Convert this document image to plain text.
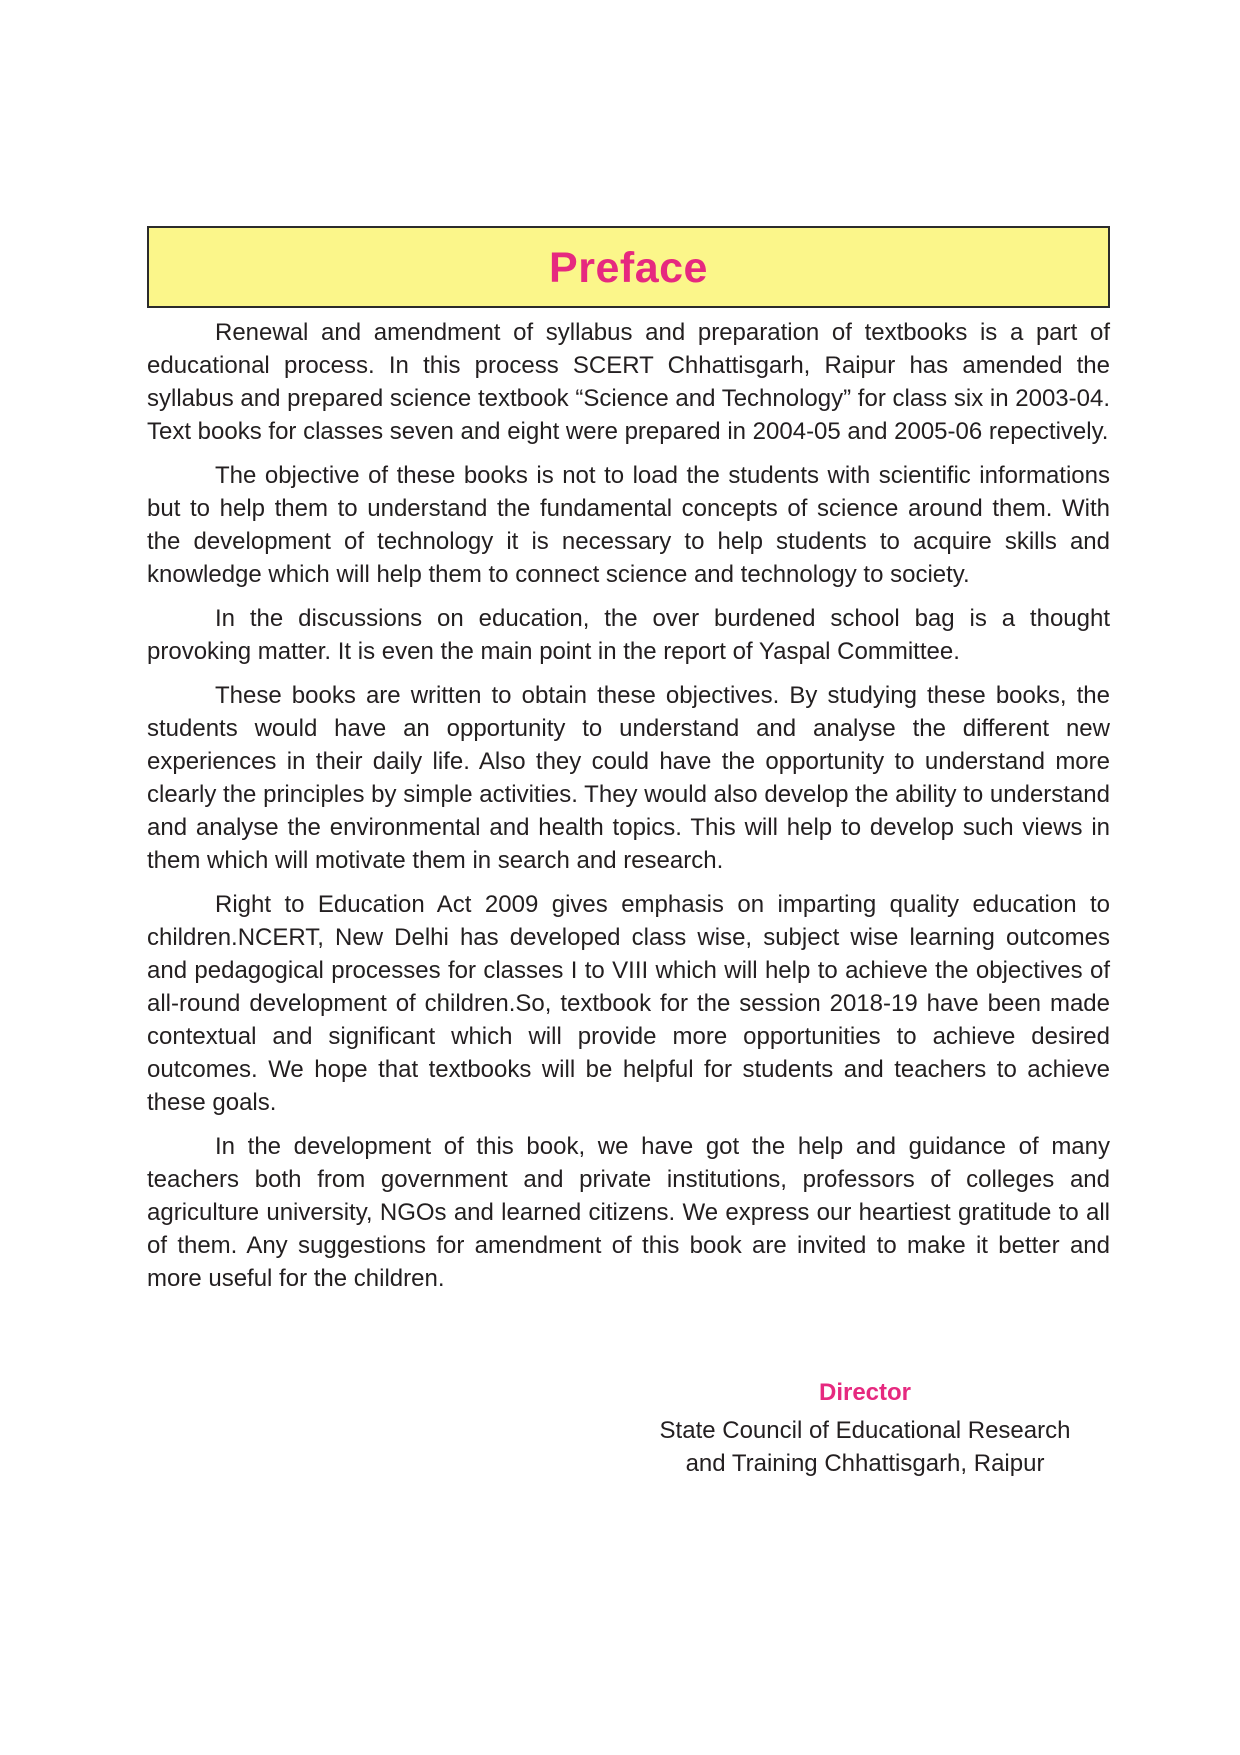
Preface

Renewal and amendment of syllabus and preparation of textbooks is a part of educational process. In this process SCERT Chhattisgarh, Raipur has amended the syllabus and prepared science textbook “Science and Technology” for class six in 2003-04. Text books for classes seven and eight were prepared in 2004-05 and 2005-06 repectively.

The objective of these books is not to load the students with scientific informations but to help them to understand the fundamental concepts of science around them. With the development of technology it is necessary to help students to acquire skills and knowledge which will help them to connect science and technology to society.

In the discussions on education, the over burdened school bag is a thought provoking matter. It is even the main point in the report of Yaspal Committee.

These books are written to obtain these objectives. By studying these books, the students would have an opportunity to understand and analyse the different new experiences in their daily life. Also they could have the opportunity to understand more clearly the principles by simple activities. They would also develop the ability to understand and analyse the environmental and health topics. This will help to develop such views in them which will motivate them in search and research.

Right to Education Act 2009 gives emphasis on imparting quality education to children.NCERT, New Delhi has developed class wise, subject wise learning outcomes and pedagogical processes for classes I to VIII which will help to achieve the objectives of all-round development of children.So, textbook for the session 2018-19 have been made contextual and significant which will provide more opportunities to achieve desired outcomes. We hope that textbooks will be helpful for students and teachers to achieve these goals.

In the development of this book, we have got the help and guidance of many teachers both from government and private institutions, professors of colleges and agriculture university, NGOs and learned citizens. We express our heartiest gratitude to all of them. Any suggestions for amendment of this book are invited to make it better and more useful for the children.

Director

State Council of Educational Research

and Training Chhattisgarh, Raipur
